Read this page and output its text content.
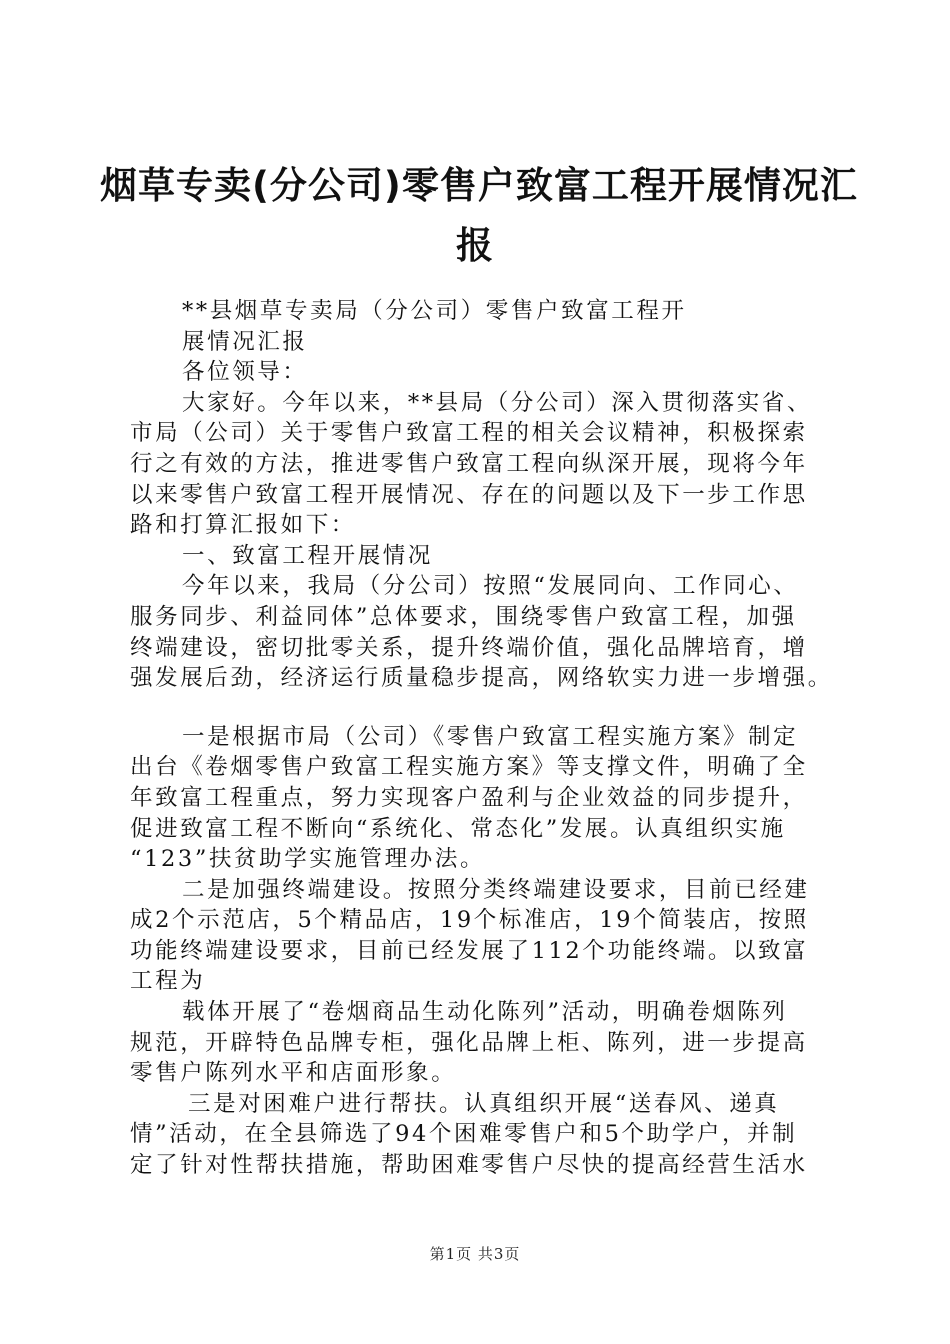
烟草专卖(分公司)零售户致富工程开展情况汇
报
**县烟草专卖局（分公司）零售户致富工程开
展情况汇报
各位领导：
大家好。今年以来，**县局（分公司）深入贯彻落实省、
市局（公司）关于零售户致富工程的相关会议精神，积极探索
行之有效的方法，推进零售户致富工程向纵深开展，现将今年
以来零售户致富工程开展情况、存在的问题以及下一步工作思
路和打算汇报如下：
一、致富工程开展情况
今年以来，我局（分公司）按照“发展同向、工作同心、
服务同步、利益同体”总体要求，围绕零售户致富工程，加强
终端建设，密切批零关系，提升终端价值，强化品牌培育，增
强发展后劲，经济运行质量稳步提高，网络软实力进一步增强。
一是根据市局（公司）《零售户致富工程实施方案》制定
出台《卷烟零售户致富工程实施方案》等支撑文件，明确了全
年致富工程重点，努力实现客户盈利与企业效益的同步提升，
促进致富工程不断向“系统化、常态化”发展。认真组织实施
“123”扶贫助学实施管理办法。
二是加强终端建设。按照分类终端建设要求，目前已经建
成2个示范店，5个精品店，19个标准店，19个简装店，按照
功能终端建设要求，目前已经发展了112个功能终端。以致富
工程为
载体开展了“卷烟商品生动化陈列”活动，明确卷烟陈列
规范，开辟特色品牌专柜，强化品牌上柜、陈列，进一步提高
零售户陈列水平和店面形象。
三是对困难户进行帮扶。认真组织开展“送春风、递真
情”活动，在全县筛选了94个困难零售户和5个助学户，并制
定了针对性帮扶措施，帮助困难零售户尽快的提高经营生活水
第1页 共3页
